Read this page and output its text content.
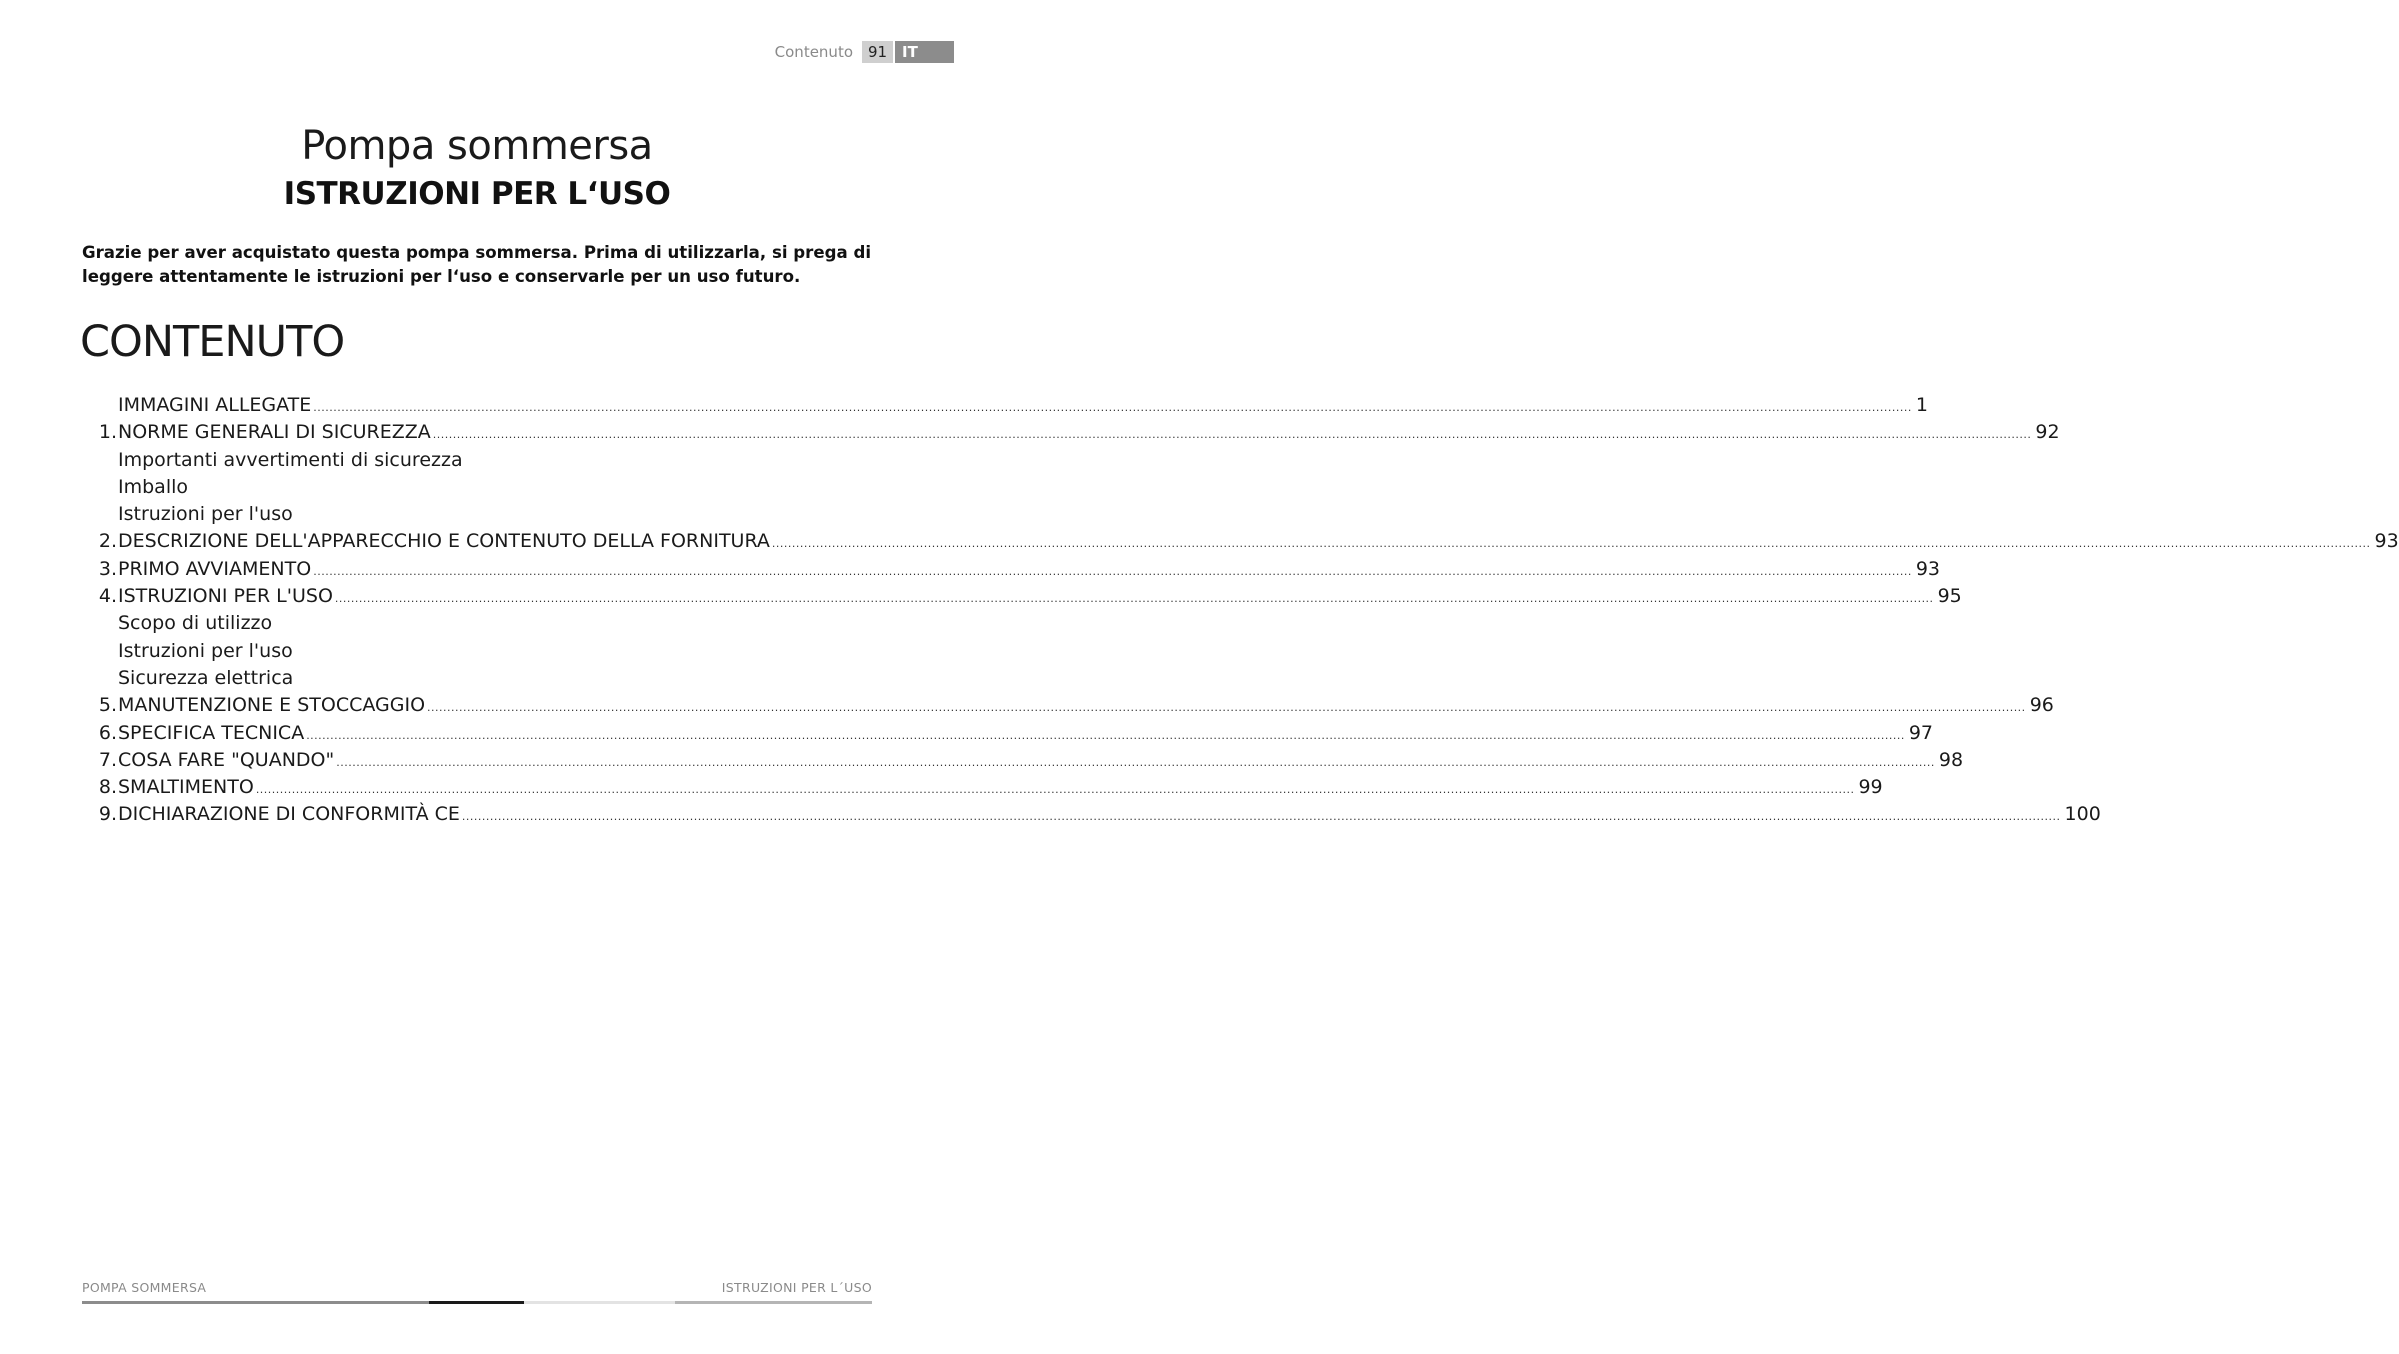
Contenuto 91 IT
Pompa sommersa
ISTRUZIONI PER L‘USO
Grazie per aver acquistato questa pompa sommersa. Prima di utilizzarla, si prega di leggere attentamente le istruzioni per l‘uso e conservarle per un uso futuro.
CONTENUTO
IMMAGINI ALLEGATE ................................................................................................................................................................................................................................................................................................................................................................................................................ 1
1. NORME GENERALI DI SICUREZZA ................................................................................................................................................................................................................................................................................................................................................................................................................ 92
Importanti avvertimenti di sicurezza
Imballo
Istruzioni per l'uso
2. DESCRIZIONE DELL'APPARECCHIO E CONTENUTO DELLA FORNITURA ................................................................................................................................................................................................................................................................................................................................................................................................................ 93
3. PRIMO AVVIAMENTO ................................................................................................................................................................................................................................................................................................................................................................................................................ 93
4. ISTRUZIONI PER L'USO ................................................................................................................................................................................................................................................................................................................................................................................................................ 95
Scopo di utilizzo
Istruzioni per l'uso
Sicurezza elettrica
5. MANUTENZIONE E STOCCAGGIO ................................................................................................................................................................................................................................................................................................................................................................................................................ 96
6. SPECIFICA TECNICA ................................................................................................................................................................................................................................................................................................................................................................................................................ 97
7. COSA FARE "QUANDO" ................................................................................................................................................................................................................................................................................................................................................................................................................ 98
8. SMALTIMENTO ................................................................................................................................................................................................................................................................................................................................................................................................................ 99
9. DICHIARAZIONE DI CONFORMITÀ CE ................................................................................................................................................................................................................................................................................................................................................................................................................ 100
POMPA SOMMERSA	ISTRUZIONI PER L´USO
